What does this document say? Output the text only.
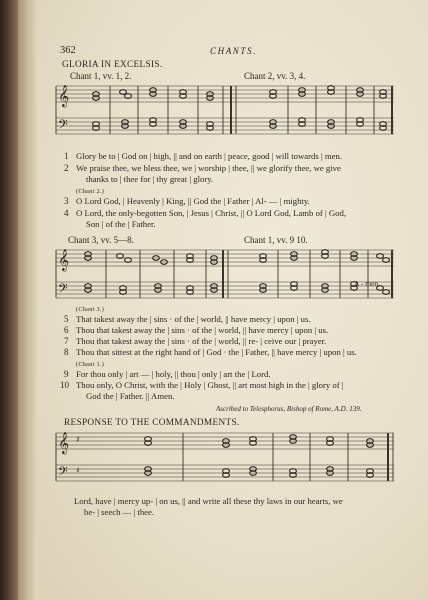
362	CHANTS.
GLORIA IN EXCELSIS.
Chant 1, vv. 1, 2.	Chant 2, vv. 3, 4.
𝄞
𝄢
1 Glory be to | God on | high, || and on earth | peace, good | will towards | men.
2 We praise thee, we bless thee, we | worship | thee, || we glorify thee, we give
thanks to | thee for | thy great | glory.
(Chant 2.)
3 O Lord God, | Heavenly | King, || God the | Father | Al- — | mighty.
4 O Lord, the only-begotten Son, | Jesus | Christ, || O Lord God, Lamb of | God,
Son | of the | Father.
Chant 3, vv. 5—8.	Chant 1, vv. 9 10.
𝄞
𝄢	A - men.
(Chant 3.)
5 That takest away the | sins · of the | world, || have mercy | upon | us.
6 Thou that takest away the | sins · of the | world, || have mercy | upon | us.
7 Thou that takest away the | sins · of the | world, || re- | ceive our | prayer.
8 Thou that sittest at the right hand of | God · the | Father, || have mercy | upon | us.
(Chant 1.)
9 For thou only | art — | holy, || thou | only | art the | Lord.
10 Thou only, O Christ, with the | Holy | Ghost, || art most high in the | glory of |
God the | Father. || Amen.
Ascribed to Telesphorus, Bishop of Rome, A.D. 139.
RESPONSE TO THE COMMANDMENTS.
𝄞
𝄢
♯
♯
Lord, have | mercy up- | on us, || and write all these thy laws in our hearts, we
be- | seech — | thee.
